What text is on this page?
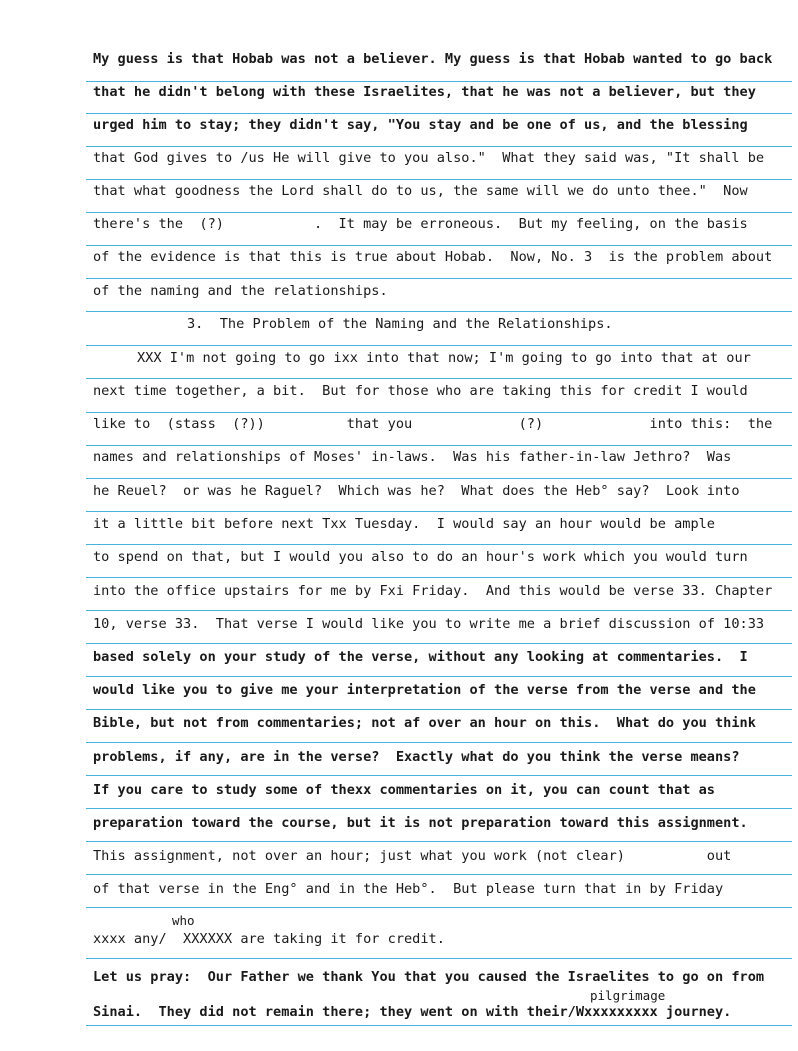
My guess is that Hobab was not a believer. My guess is that Hobab wanted to go back
that he didn't belong with these Israelites, that he was not a believer, but they
urged him to stay; they didn't say, "You stay and be one of us, and the blessing
that God gives to /us He will give to you also."  What they said was, "It shall be
that what goodness the Lord shall do to us, the same will we do unto thee."  Now
there's the  (?)           .  It may be erroneous.  But my feeling, on the basis
of the evidence is that this is true about Hobab.  Now, No. 3  is the problem about
of the naming and the relationships.
3.  The Problem of the Naming and the Relationships.
XXX I'm not going to go ixx into that now; I'm going to go into that at our
next time together, a bit.  But for those who are taking this for credit I would
like to  (stass  (?))          that you             (?)             into this:  the
names and relationships of Moses' in-laws.  Was his father-in-law Jethro?  Was
he Reuel?  or was he Raguel?  Which was he?  What does the Heb° say?  Look into
it a little bit before next Txx Tuesday.  I would say an hour would be ample
to spend on that, but I would you also to do an hour's work which you would turn
into the office upstairs for me by Fxi Friday.  And this would be verse 33. Chapter
10, verse 33.  That verse I would like you to write me a brief discussion of 10:33
based solely on your study of the verse, without any looking at commentaries.  I
would like you to give me your interpretation of the verse from the verse and the
Bible, but not from commentaries; not af over an hour on this.  What do you think
problems, if any, are in the verse?  Exactly what do you think the verse means?
If you care to study some of thexx commentaries on it, you can count that as
preparation toward the course, but it is not preparation toward this assignment.
This assignment, not over an hour; just what you work (not clear)          out
of that verse in the Eng° and in the Heb°.  But please turn that in by Friday
who
xxxx any/  XXXXXX are taking it for credit.
Let us pray:  Our Father we thank You that you caused the Israelites to go on from
pilgrimage
Sinai.  They did not remain there; they went on with their/Wxxxxxxxxx journey.
